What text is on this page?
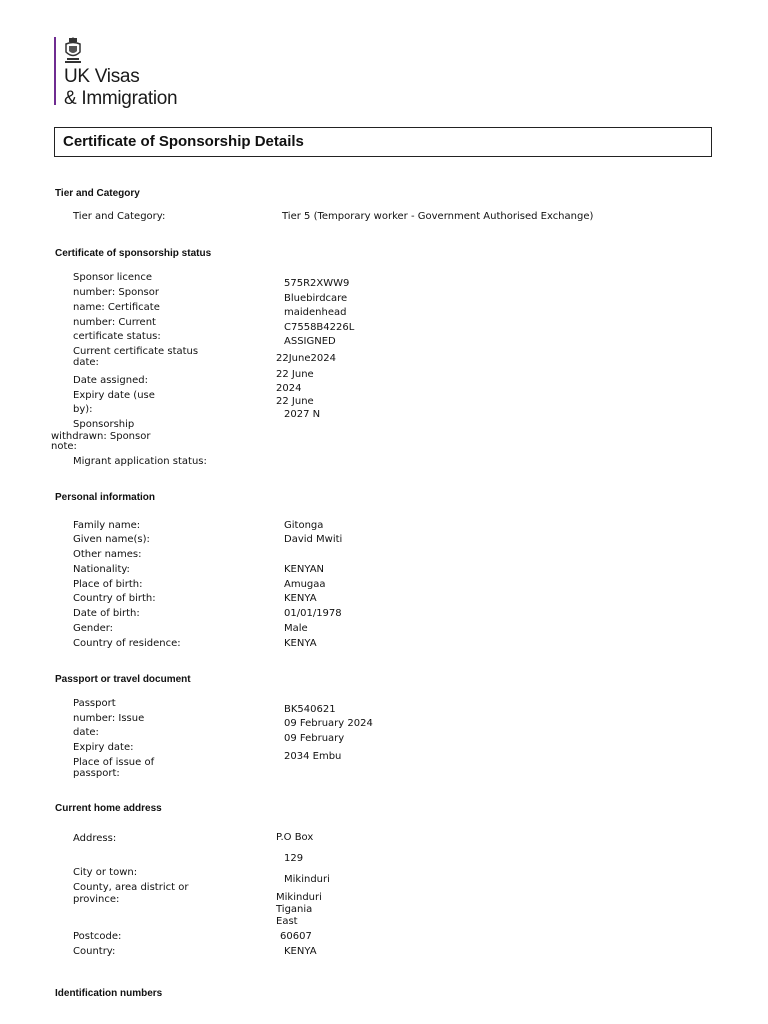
UK Visas
& Immigration
Certificate of Sponsorship Details
Tier and Category
Tier and Category:	Tier 5 (Temporary worker - Government Authorised Exchange)
Certificate of sponsorship status
Sponsor licence
number: Sponsor
name: Certificate
number: Current
certificate status:
Current certificate status
date:
Date assigned:
Expiry date (use
by):
Sponsorship
withdrawn: Sponsor
note:
Migrant application status:
575R2XWW9
Bluebirdcare
maidenhead
C7558B4226L
ASSIGNED
22June2024
22 June
2024
22 June
2027 N
Personal information
Family name:
Given name(s):
Other names:
Nationality:
Place of birth:
Country of birth:
Date of birth:
Gender:
Country of residence:
Gitonga
David Mwiti
KENYAN
Amugaa
KENYA
01/01/1978
Male
KENYA
Passport or travel document
Passport
number: Issue
date:
Expiry date:
Place of issue of
passport:
BK540621
09 February 2024
09 February
2034 Embu
Current home address
Address:
City or town:
County, area district or
province:
Postcode:
Country:
P.O Box
129
Mikinduri
Mikinduri
Tigania
East
60607
KENYA
Identification numbers
